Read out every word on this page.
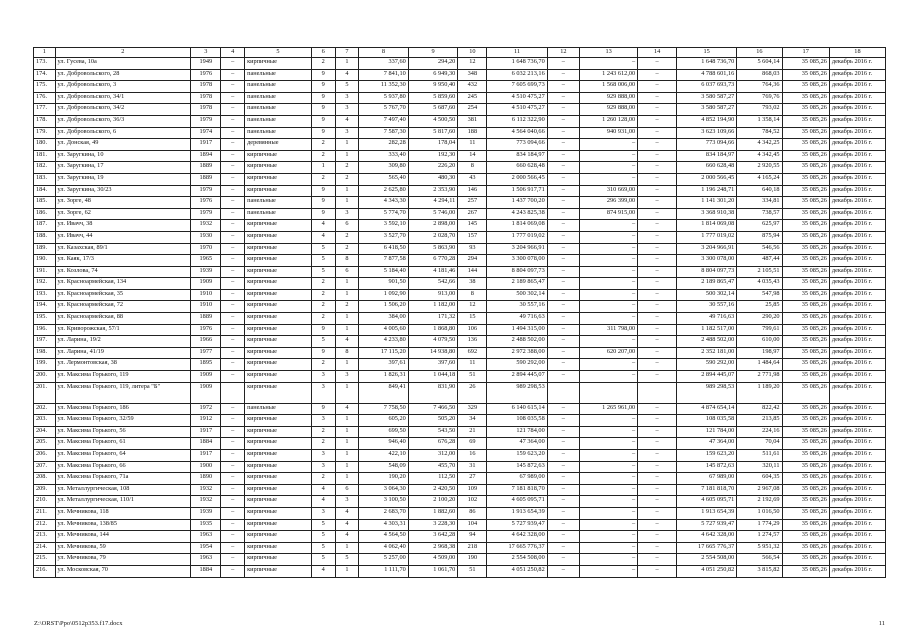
1	2	3	4	5	6	7	8	9	10	11	12	13	14	15	16	17	18
173.	ул. Гусева, 10а	1949	–	кирпичные	2	1	337,60	294,20	12	1 648 736,70	–	–	–	1 648 736,70	5 604,14	35 085,26	декабрь 2016 г.
174.	ул. Добровольского, 28	1976	–	панельные	9	4	7 841,10	6 949,30	348	6 032 213,16	–	1 243 612,00	–	4 788 601,16	868,03	35 085,26	декабрь 2016 г.
175.	ул. Добровольского, 3	1978	–	панельные	9	5	11 352,30	9 950,40	432	7 605 699,73	–	1 568 006,00	–	6 037 693,73	764,36	35 085,26	декабрь 2016 г.
176.	ул. Добровольского, 34/1	1978	–	панельные	9	3	5 937,80	5 859,60	245	4 510 475,27	–	929 888,00	–	3 580 587,27	769,76	35 085,26	декабрь 2016 г.
177.	ул. Добровольского, 34/2	1978	–	панельные	9	3	5 767,70	5 687,60	254	4 510 475,27	–	929 888,00	–	3 580 587,27	793,02	35 085,26	декабрь 2016 г.
178.	ул. Добровольского, 36/3	1979	–	панельные	9	4	7 497,40	4 500,50	381	6 112 322,90	–	1 260 128,00	–	4 852 194,90	1 358,14	35 085,26	декабрь 2016 г.
179.	ул. Добровольского, 6	1974	–	панельные	9	3	7 587,30	5 817,60	188	4 564 040,66	–	940 931,00	–	3 623 109,66	784,52	35 085,26	декабрь 2016 г.
180.	ул. Донская, 49	1917	–	деревянные	2	1	282,28	178,04	11	773 094,66	–	–	–	773 094,66	4 342,25	35 085,26	декабрь 2016 г.
181.	ул. Заругкина, 10	1894	–	кирпичные	2	1	333,40	192,30	14	834 184,97	–	–	–	834 184,97	4 342,45	35 085,26	декабрь 2016 г.
182.	ул. Заругкина, 17	1889	–	кирпичные	1	2	309,80	226,20	8	660 628,48	–	–	–	660 628,48	2 920,55	35 085,26	декабрь 2016 г.
183.	ул. Заругкина, 19	1889	–	кирпичные	2	2	565,40	480,30	43	2 000 566,45	–	–	–	2 000 566,45	4 165,24	35 085,26	декабрь 2016 г.
184.	ул. Заругкина, 30/23	1979	–	кирпичные	9	1	2 625,80	2 353,90	146	1 506 917,71	–	310 669,00	–	1 196 248,71	640,18	35 085,26	декабрь 2016 г.
185.	ул. Зорге, 48	1976	–	панельные	9	1	4 343,30	4 294,11	257	1 437 700,20	–	296 399,00	–	1 141 301,20	334,81	35 085,26	декабрь 2016 г.
186.	ул. Зорге, 62	1979	–	панельные	9	3	5 774,70	5 746,00	267	4 243 825,38	–	874 915,00	–	3 368 910,38	738,57	35 085,26	декабрь 2016 г.
187.	ул. Ивачч, 38	1932	–	кирпичные	4	6	3 592,10	2 898,00	145	1 814 069,08	–	–	–	1 814 069,08	625,97	35 085,26	декабрь 2016 г.
188.	ул. Ивачч, 44	1930	–	кирпичные	4	2	3 527,70	2 028,70	157	1 777 019,02	–	–	–	1 777 019,02	875,94	35 085,26	декабрь 2016 г.
189.	ул. Казахская, 89/1	1970	–	кирпичные	5	2	6 418,50	5 863,90	93	3 204 966,91	–	–	–	3 204 966,91	546,56	35 085,26	декабрь 2016 г.
190.	ул. Каяк, 17/3	1965	–	кирпичные	5	8	7 877,58	6 770,28	294	3 300 078,00	–	–	–	3 300 078,00	487,44	35 085,26	декабрь 2016 г.
191.	ул. Козлова, 74	1939	–	кирпичные	5	6	5 184,40	4 181,46	144	8 804 097,73	–	–	–	8 804 097,73	2 105,51	35 085,26	декабрь 2016 г.
192.	ул. Красноармейская, 134	1909	–	кирпичные	2	1	901,50	542,66	38	2 189 865,47	–	–	–	2 189 865,47	4 035,43	35 085,26	декабрь 2016 г.
193.	ул. Красноармейская, 35	1910	–	кирпичные	2	1	1 092,90	913,00	8	500 302,14	–	–	–	500 302,14	547,98	35 085,26	декабрь 2016 г.
194.	ул. Красноармейская, 72	1910	–	кирпичные	2	2	1 506,20	1 182,00	12	30 557,16	–	–	–	30 557,16	25,85	35 085,26	декабрь 2016 г.
195.	ул. Красноармейская, 88	1889	–	кирпичные	2	1	384,00	171,32	15	49 716,63	–	–	–	49 716,63	290,20	35 085,26	декабрь 2016 г.
196.	ул. Криворожская, 57/1	1976	–	кирпичные	9	1	4 005,60	1 868,80	106	1 494 315,00	–	311 798,00	–	1 182 517,00	799,61	35 085,26	декабрь 2016 г.
197.	ул. Ларина, 19/2	1966	–	кирпичные	5	4	4 233,80	4 079,50	136	2 488 502,00	–	–	–	2 488 502,00	610,00	35 085,26	декабрь 2016 г.
198.	ул. Ларина, 41/19	1977	–	кирпичные	9	8	17 115,20	14 938,80	692	2 972 388,00	–	620 207,00	–	2 352 181,00	198,97	35 085,26	декабрь 2016 г.
199.	ул. Лермонтовская, 38	1895	–	кирпичные	2	1	397,61	397,60	11	590 292,00	–	–	–	590 292,00	1 484,64	35 085,26	декабрь 2016 г.
200.	ул. Максима Горького, 119	1909	–	кирпичные	3	3	1 826,31	1 044,18	51	2 894 445,07	–	–	–	2 894 445,07	2 771,98	35 085,26	декабрь 2016 г.
201.	ул. Максима Горького, 119, литера "Б"	1909		кирпичные	3	1	849,41	831,90	26	989 298,53				989 298,53	1 189,20	35 085,26	декабрь 2016 г.
202.	ул. Максима Горького, 186	1972	–	панельные	9	4	7 758,50	7 466,50	329	6 140 615,14	–	1 265 961,00	–	4 874 654,14	822,42	35 085,26	декабрь 2016 г.
203.	ул. Максима Горького, 32/59	1912	–	кирпичные	3	1	605,20	505,20	34	108 035,58	–	–	–	108 035,58	213,85	35 085,26	декабрь 2016 г.
204.	ул. Максима Горького, 56	1917	–	кирпичные	2	1	699,50	543,50	21	121 784,00	–	–	–	121 784,00	224,16	35 085,26	декабрь 2016 г.
205.	ул. Максима Горького, 61	1884	–	кирпичные	2	1	946,40	676,28	69	47 364,00	–	–	–	47 364,00	70,04	35 085,26	декабрь 2016 г.
206.	ул. Максима Горького, 64	1917	–	кирпичные	3	1	422,10	312,00	16	159 623,20	–	–	–	159 623,20	511,61	35 085,26	декабрь 2016 г.
207.	ул. Максима Горького, 66	1900	–	кирпичные	3	1	548,09	455,70	31	145 872,63	–	–	–	145 872,63	320,11	35 085,26	декабрь 2016 г.
208.	ул. Максима Горького, 71а	1890	–	кирпичные	2	1	190,20	112,50	27	67 989,00	–	–	–	67 989,00	604,35	35 085,26	декабрь 2016 г.
209.	ул. Металлургическая, 108	1932	–	кирпичные	4	6	3 064,30	2 420,50	109	7 181 818,70	–	–	–	7 181 818,70	2 967,08	35 085,26	декабрь 2016 г.
210.	ул. Металлургическая, 110/1	1932	–	кирпичные	4	3	3 100,50	2 100,20	102	4 605 095,71	–	–	–	4 605 095,71	2 192,69	35 085,26	декабрь 2016 г.
211.	ул. Мечникова, 118	1939	–	кирпичные	3	4	2 683,70	1 882,60	86	1 913 654,39	–	–	–	1 913 654,39	1 016,50	35 085,26	декабрь 2016 г.
212.	ул. Мечникова, 138/85	1935	–	кирпичные	5	4	4 303,31	3 228,30	104	5 727 939,47	–	–	–	5 727 939,47	1 774,29	35 085,26	декабрь 2016 г.
213.	ул. Мечникова, 144	1963	–	кирпичные	5	4	4 564,50	3 642,28	94	4 642 328,00	–	–	–	4 642 328,00	1 274,57	35 085,26	декабрь 2016 г.
214.	ул. Мечникова, 59	1954	–	кирпичные	5	1	4 062,40	2 968,38	218	17 665 776,37	–	–	–	17 665 776,37	5 951,32	35 085,26	декабрь 2016 г.
215.	ул. Мечникова, 79	1963	–	кирпичные	5	5	5 257,00	4 509,00	190	2 554 508,00	–	–	–	2 554 508,00	566,54	35 085,26	декабрь 2016 г.
216.	ул. Московская, 70	1884	–	кирпичные	4	1	1 111,70	1 061,70	51	4 051 250,82	–	–	–	4 051 250,82	3 815,82	35 085,26	декабрь 2016 г.
Z:\ORST\Ppo\0512p353.f17.docx	11
